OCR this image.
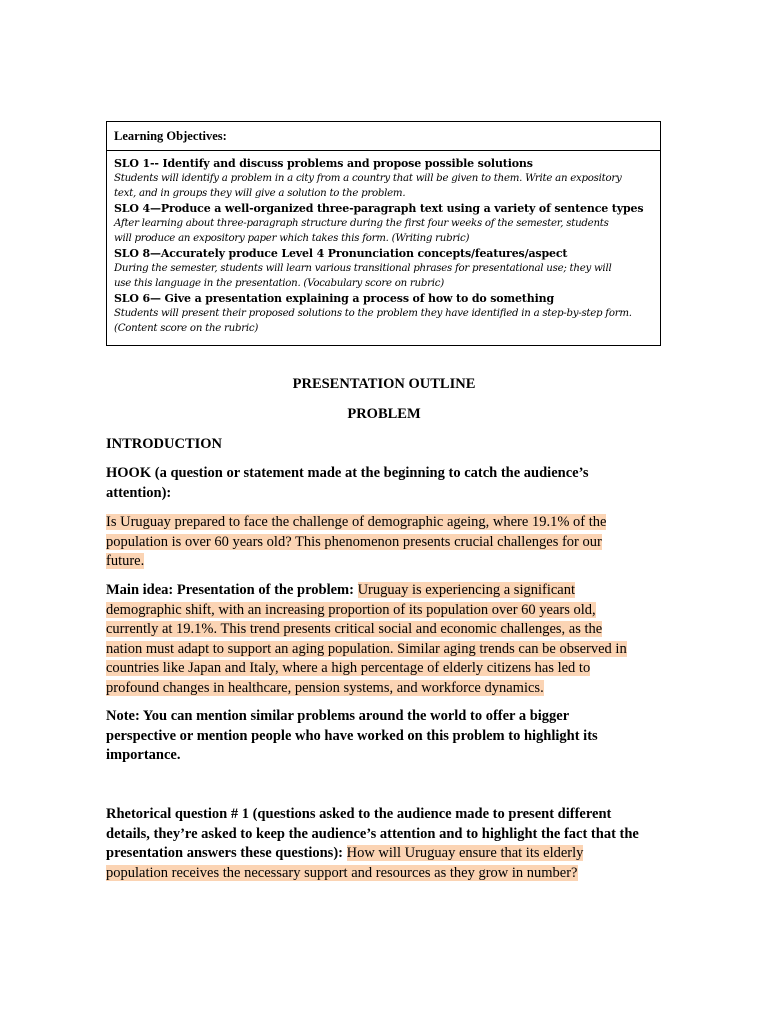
Learning Objectives:
SLO 1-- Identify and discuss problems and propose possible solutions
Students will identify a problem in a city from a country that will be given to them. Write an expository
text, and in groups they will give a solution to the problem.
SLO 4—Produce a well-organized three-paragraph text using a variety of sentence types
After learning about three-paragraph structure during the first four weeks of the semester, students
will produce an expository paper which takes this form. (Writing rubric)
SLO 8—Accurately produce Level 4 Pronunciation concepts/features/aspect
During the semester, students will learn various transitional phrases for presentational use; they will
use this language in the presentation. (Vocabulary score on rubric)
SLO 6— Give a presentation explaining a process of how to do something
Students will present their proposed solutions to the problem they have identified in a step-by-step form.
(Content score on the rubric)
PRESENTATION OUTLINE
PROBLEM
INTRODUCTION
HOOK (a question or statement made at the beginning to catch the audience’s
attention):
Is Uruguay prepared to face the challenge of demographic ageing, where 19.1% of the
population is over 60 years old? This phenomenon presents crucial challenges for our
future.
Main idea: Presentation of the problem: Uruguay is experiencing a significant
demographic shift, with an increasing proportion of its population over 60 years old,
currently at 19.1%. This trend presents critical social and economic challenges, as the
nation must adapt to support an aging population. Similar aging trends can be observed in
countries like Japan and Italy, where a high percentage of elderly citizens has led to
profound changes in healthcare, pension systems, and workforce dynamics.
Note: You can mention similar problems around the world to offer a bigger
perspective or mention people who have worked on this problem to highlight its
importance.
Rhetorical question # 1 (questions asked to the audience made to present different
details, they’re asked to keep the audience’s attention and to highlight the fact that the
presentation answers these questions): How will Uruguay ensure that its elderly
population receives the necessary support and resources as they grow in number?
